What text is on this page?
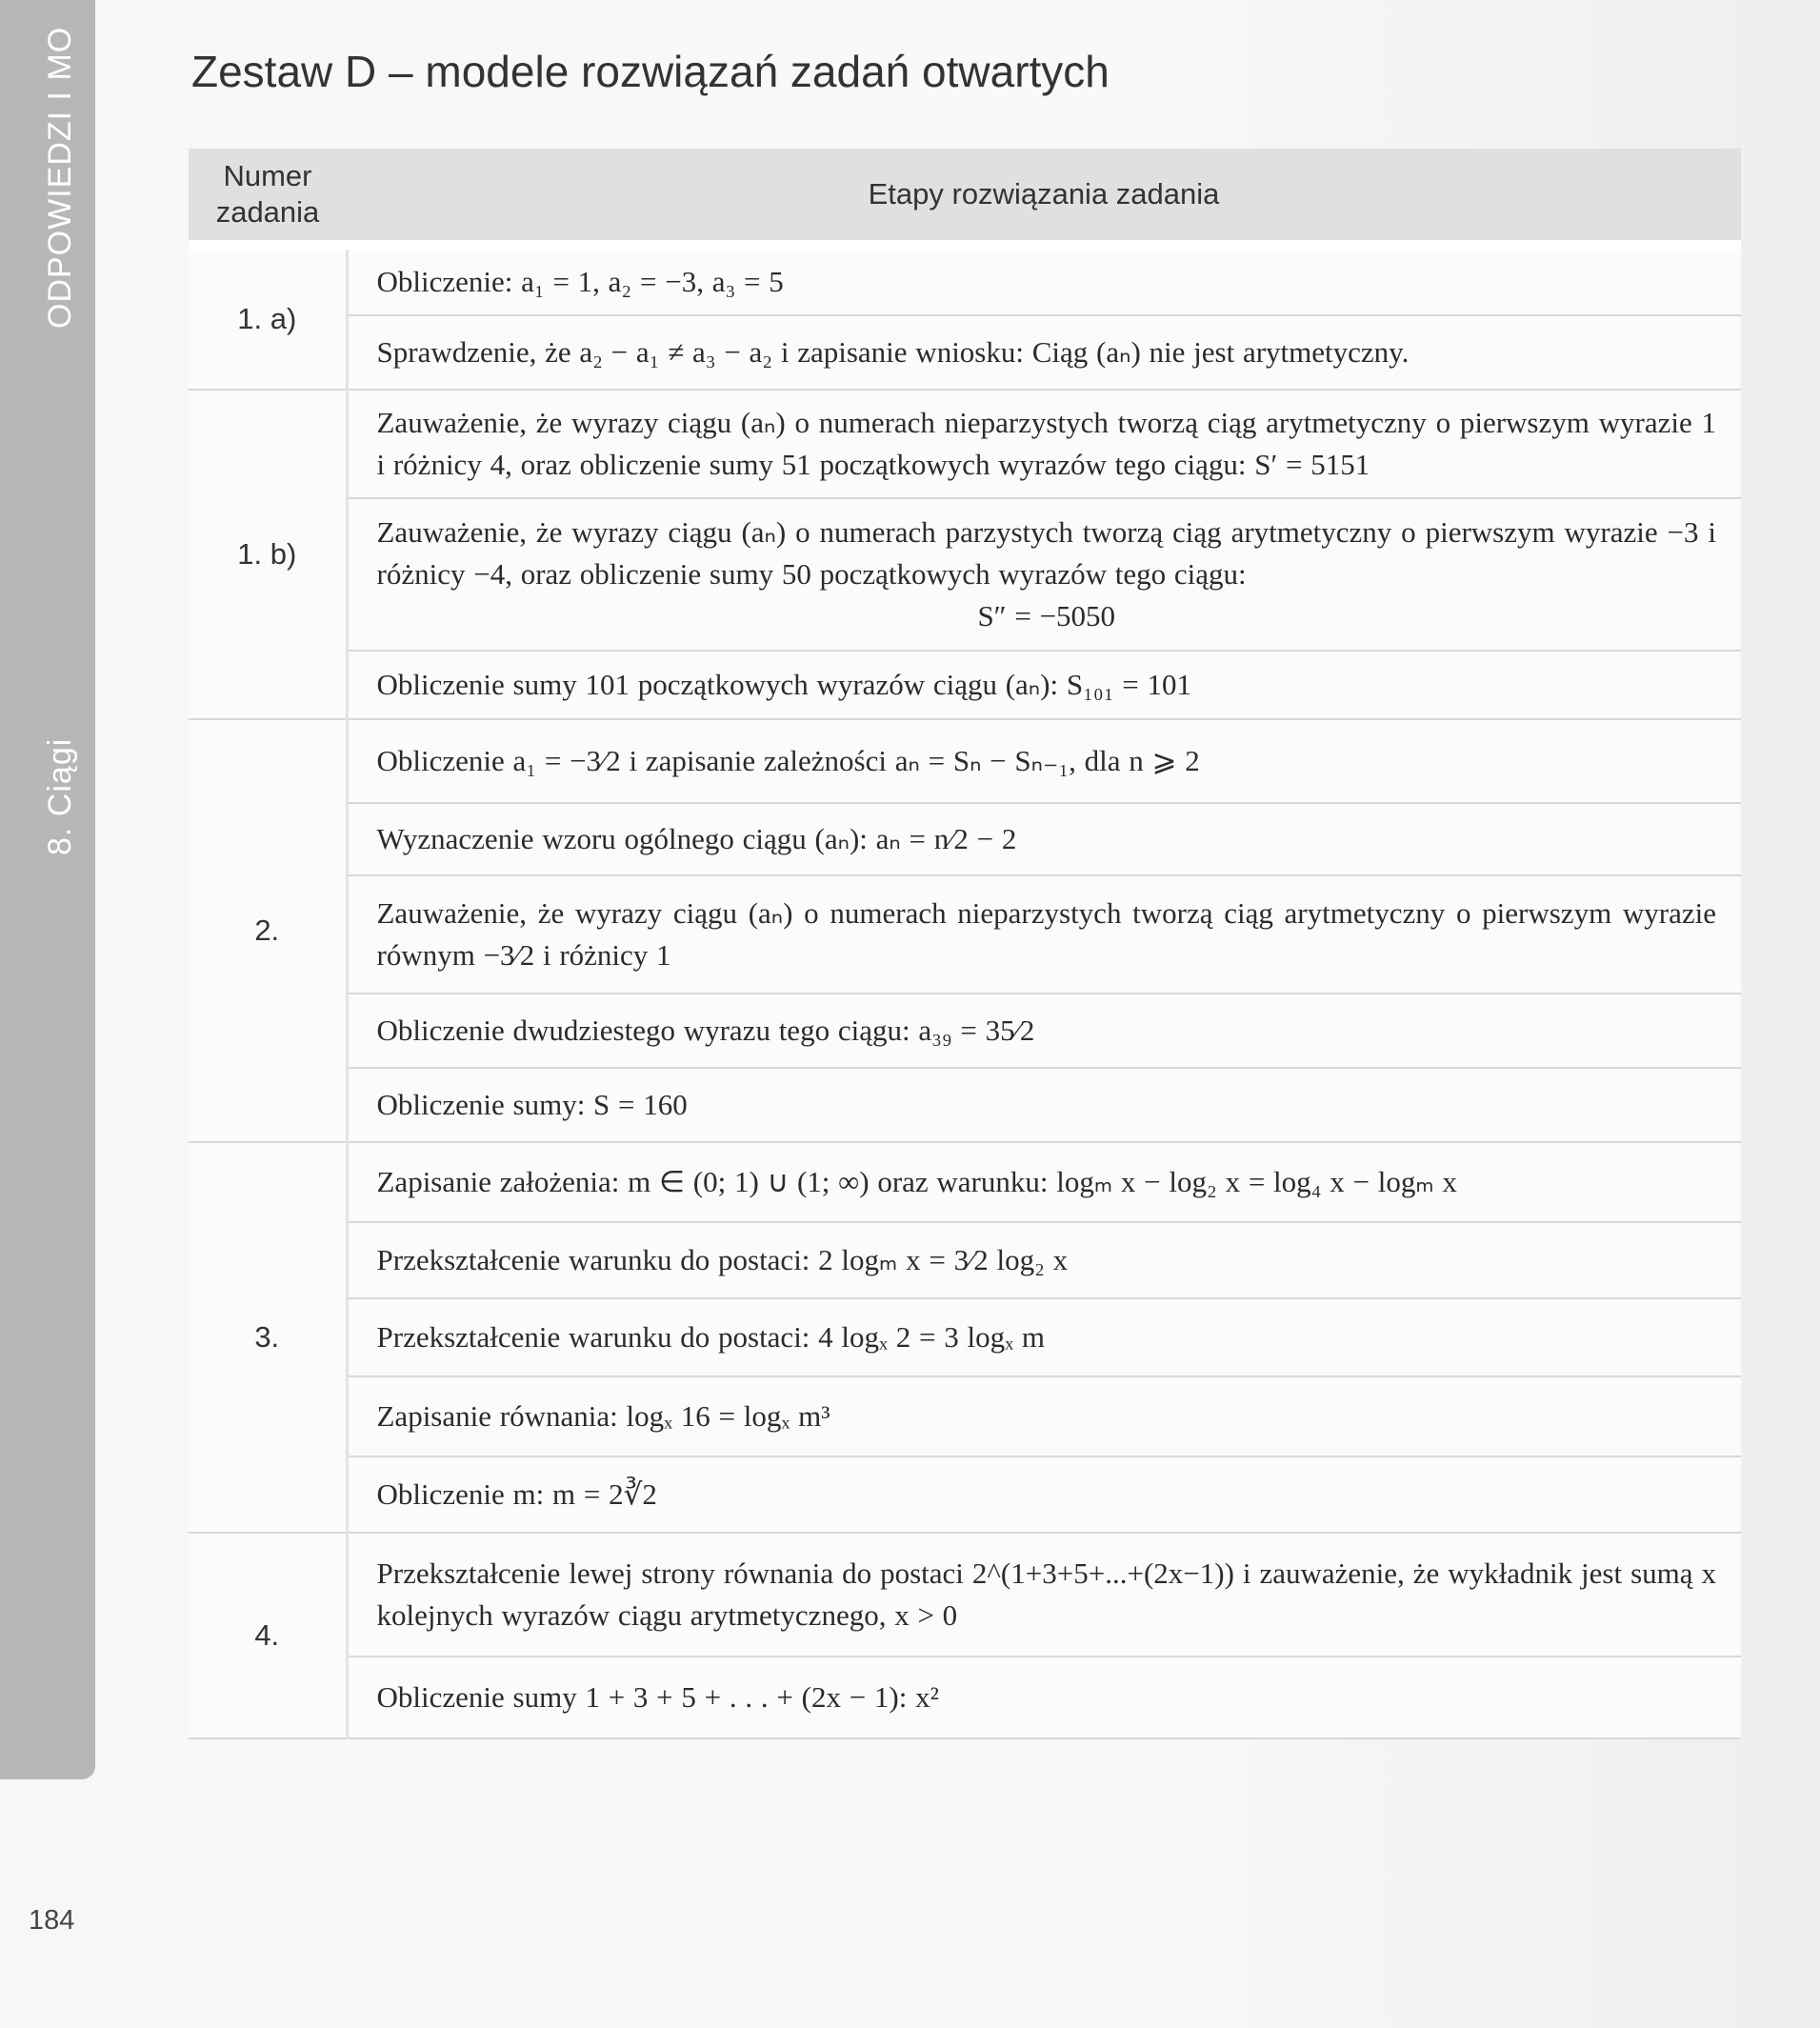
ODPOWIEDZI I MO
8. Ciągi
Zestaw D – modele rozwiązań zadań otwartych
Numer zadania	Etapy rozwiązania zadania
1. a)	Obliczenie: a₁ = 1, a₂ = −3, a₃ = 5
	Sprawdzenie, że a₂ − a₁ ≠ a₃ − a₂ i zapisanie wniosku: Ciąg (aₙ) nie jest arytmetyczny.
1. b)	Zauważenie, że wyrazy ciągu (aₙ) o numerach nieparzystych tworzą ciąg arytmetyczny o pierwszym wyrazie 1 i różnicy 4, oraz obliczenie sumy 51 początkowych wyrazów tego ciągu: S′ = 5151
	Zauważenie, że wyrazy ciągu (aₙ) o numerach parzystych tworzą ciąg arytmetyczny o pierwszym wyrazie −3 i różnicy −4, oraz obliczenie sumy 50 początkowych wyrazów tego ciągu:
S″ = −5050

	Obliczenie sumy 101 początkowych wyrazów ciągu (aₙ): S₁₀₁ = 101
2.	Obliczenie a₁ = −3⁄2 i zapisanie zależności aₙ = Sₙ − Sₙ₋₁, dla n ⩾ 2
	Wyznaczenie wzoru ogólnego ciągu (aₙ): aₙ = n⁄2 − 2
	Zauważenie, że wyrazy ciągu (aₙ) o numerach nieparzystych tworzą ciąg arytmetyczny o pierwszym wyrazie równym −3⁄2 i różnicy 1
	Obliczenie dwudziestego wyrazu tego ciągu: a₃₉ = 35⁄2
	Obliczenie sumy: S = 160
3.	Zapisanie założenia: m ∈ (0; 1) ∪ (1; ∞) oraz warunku: logₘ x − log₂ x = log₄ x − logₘ x
	Przekształcenie warunku do postaci: 2 logₘ x = 3⁄2 log₂ x
	Przekształcenie warunku do postaci: 4 logₓ 2 = 3 logₓ m
	Zapisanie równania: logₓ 16 = logₓ m³
	Obliczenie m: m = 2∛2
4.	Przekształcenie lewej strony równania do postaci 2^(1+3+5+...+(2x−1)) i zauważenie, że wykładnik jest sumą x kolejnych wyrazów ciągu arytmetycznego, x > 0
	Obliczenie sumy 1 + 3 + 5 + . . . + (2x − 1): x²
184
